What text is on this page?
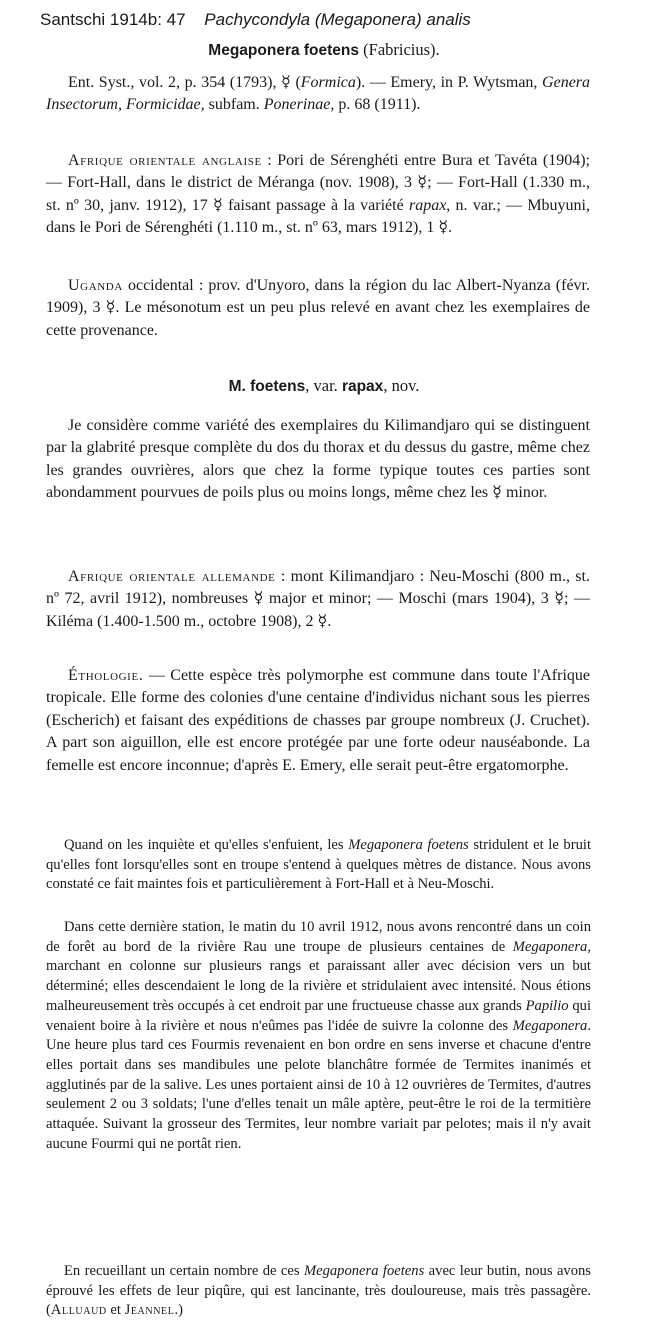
Santschi 1914b: 47 Pachycondyla (Megaponera) analis
Megaponera foetens (Fabricius).
Ent. Syst., vol. 2, p. 354 (1793), ☿ (Formica). — Emery, in P. Wytsman, Genera Insectorum, Formicidae, subfam. Ponerinae, p. 68 (1911).
Afrique orientale anglaise : Pori de Sérenghéti entre Bura et Tavéta (1904); — Fort-Hall, dans le district de Méranga (nov. 1908), 3 ☿; — Fort-Hall (1.330 m., st. nº 30, janv. 1912), 17 ☿ faisant passage à la variété rapax, n. var.; — Mbuyuni, dans le Pori de Sérenghéti (1.110 m., st. nº 63, mars 1912), 1 ☿.
Uganda occidental : prov. d'Unyoro, dans la région du lac Albert-Nyanza (févr. 1909), 3 ☿. Le mésonotum est un peu plus relevé en avant chez les exemplaires de cette provenance.
M. foetens, var. rapax, nov.
Je considère comme variété des exemplaires du Kilimandjaro qui se distinguent par la glabrité presque complète du dos du thorax et du dessus du gastre, même chez les grandes ouvrières, alors que chez la forme typique toutes ces parties sont abondamment pourvues de poils plus ou moins longs, même chez les ☿ minor.
Afrique orientale allemande : mont Kilimandjaro : Neu-Moschi (800 m., st. nº 72, avril 1912), nombreuses ☿ major et minor; — Moschi (mars 1904), 3 ☿; — Kiléma (1.400-1.500 m., octobre 1908), 2 ☿.
Éthologie. — Cette espèce très polymorphe est commune dans toute l'Afrique tropicale. Elle forme des colonies d'une centaine d'individus nichant sous les pierres (Escherich) et faisant des expéditions de chasses par groupe nombreux (J. Cruchet). A part son aiguillon, elle est encore protégée par une forte odeur nauséabonde. La femelle est encore inconnue; d'après E. Emery, elle serait peut-être ergatomorphe.
Quand on les inquiète et qu'elles s'enfuient, les Megaponera foetens stridulent et le bruit qu'elles font lorsqu'elles sont en troupe s'entend à quelques mètres de distance. Nous avons constaté ce fait maintes fois et particulièrement à Fort-Hall et à Neu-Moschi.
Dans cette dernière station, le matin du 10 avril 1912, nous avons rencontré dans un coin de forêt au bord de la rivière Rau une troupe de plusieurs centaines de Megaponera, marchant en colonne sur plusieurs rangs et paraissant aller avec décision vers un but déterminé; elles descendaient le long de la rivière et stridulaient avec intensité. Nous étions malheureusement très occupés à cet endroit par une fructueuse chasse aux grands Papilio qui venaient boire à la rivière et nous n'eûmes pas l'idée de suivre la colonne des Megaponera. Une heure plus tard ces Fourmis revenaient en bon ordre en sens inverse et chacune d'entre elles portait dans ses mandibules une pelote blanchâtre formée de Termites inanimés et agglutinés par de la salive. Les unes portaient ainsi de 10 à 12 ouvrières de Termites, d'autres seulement 2 ou 3 soldats; l'une d'elles tenait un mâle aptère, peut-être le roi de la termitière attaquée. Suivant la grosseur des Termites, leur nombre variait par pelotes; mais il n'y avait aucune Fourmi qui ne portât rien.
En recueillant un certain nombre de ces Megaponera foetens avec leur butin, nous avons éprouvé les effets de leur piqûre, qui est lancinante, très douloureuse, mais très passagère. (Alluaud et Jeannel.)
